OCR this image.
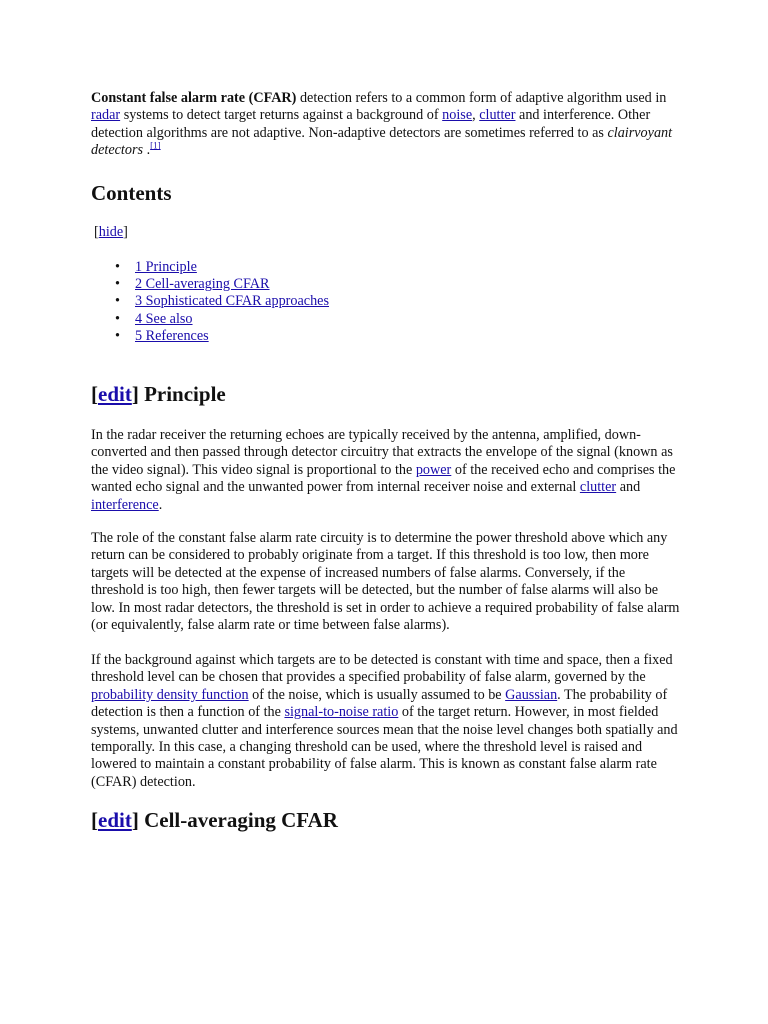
Constant false alarm rate (CFAR) detection refers to a common form of adaptive algorithm used in radar systems to detect target returns against a background of noise, clutter and interference. Other detection algorithms are not adaptive. Non-adaptive detectors are sometimes referred to as clairvoyant detectors .[1]

Contents
[hide]
• 1 Principle
• 2 Cell-averaging CFAR
• 3 Sophisticated CFAR approaches
• 4 See also
• 5 References
[edit] Principle

In the radar receiver the returning echoes are typically received by the antenna, amplified, down-converted and then passed through detector circuitry that extracts the envelope of the signal (known as the video signal). This video signal is proportional to the power of the received echo and comprises the wanted echo signal and the unwanted power from internal receiver noise and external clutter and interference.

The role of the constant false alarm rate circuity is to determine the power threshold above which any return can be considered to probably originate from a target. If this threshold is too low, then more targets will be detected at the expense of increased numbers of false alarms. Conversely, if the threshold is too high, then fewer targets will be detected, but the number of false alarms will also be low. In most radar detectors, the threshold is set in order to achieve a required probability of false alarm (or equivalently, false alarm rate or time between false alarms).

If the background against which targets are to be detected is constant with time and space, then a fixed threshold level can be chosen that provides a specified probability of false alarm, governed by the probability density function of the noise, which is usually assumed to be Gaussian. The probability of detection is then a function of the signal-to-noise ratio of the target return. However, in most fielded systems, unwanted clutter and interference sources mean that the noise level changes both spatially and temporally. In this case, a changing threshold can be used, where the threshold level is raised and lowered to maintain a constant probability of false alarm. This is known as constant false alarm rate (CFAR) detection.

[edit] Cell-averaging CFAR
